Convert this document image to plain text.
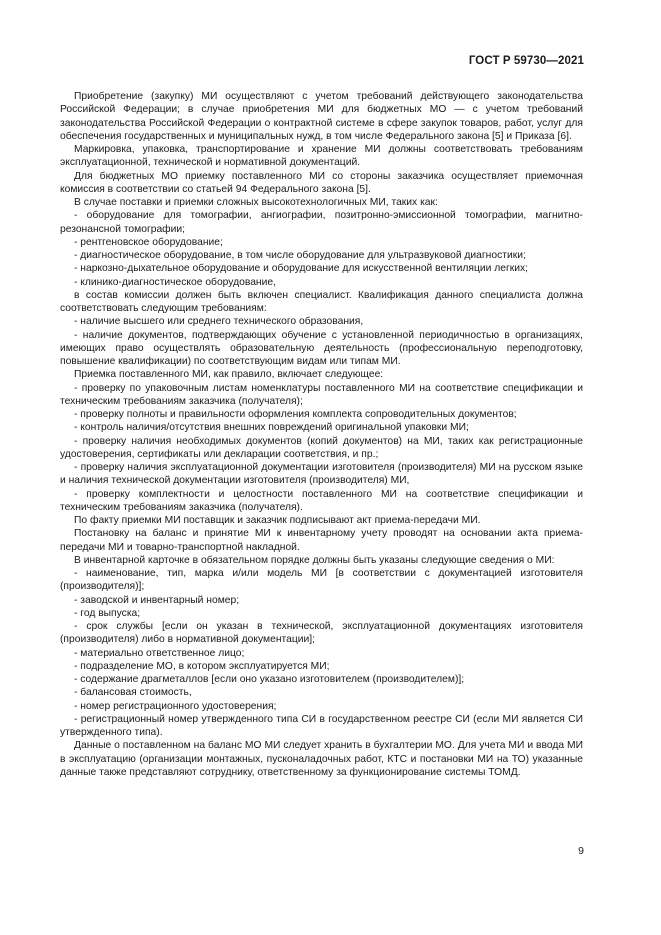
ГОСТ Р 59730—2021

Приобретение (закупку) МИ осуществляют с учетом требований действующего законодательства Российской Федерации; в случае приобретения МИ для бюджетных МО — с учетом требований законодательства Российской Федерации о контрактной системе в сфере закупок товаров, работ, услуг для обеспечения государственных и муниципальных нужд, в том числе Федерального закона [5] и Приказа [6].

Маркировка, упаковка, транспортирование и хранение МИ должны соответствовать требованиям эксплуатационной, технической и нормативной документаций.

Для бюджетных МО приемку поставленного МИ со стороны заказчика осуществляет приемочная комиссия в соответствии со статьей 94 Федерального закона [5].

В случае поставки и приемки сложных высокотехнологичных МИ, таких как:

- оборудование для томографии, ангиографии, позитронно-эмиссионной томографии, магнитно-резонансной томографии;

- рентгеновское оборудование;

- диагностическое оборудование, в том числе оборудование для ультразвуковой диагностики;

- наркозно-дыхательное оборудование и оборудование для искусственной вентиляции легких;

- клинико-диагностическое оборудование,

в состав комиссии должен быть включен специалист. Квалификация данного специалиста должна соответствовать следующим требованиям:

- наличие высшего или среднего технического образования,

- наличие документов, подтверждающих обучение с установленной периодичностью в организациях, имеющих право осуществлять образовательную деятельность (профессиональную переподготовку, повышение квалификации) по соответствующим видам или типам МИ.

Приемка поставленного МИ, как правило, включает следующее:

- проверку по упаковочным листам номенклатуры поставленного МИ на соответствие спецификации и техническим требованиям заказчика (получателя);

- проверку полноты и правильности оформления комплекта сопроводительных документов;

- контроль наличия/отсутствия внешних повреждений оригинальной упаковки МИ;

- проверку наличия необходимых документов (копий документов) на МИ, таких как регистрационные удостоверения, сертификаты или декларации соответствия, и пр.;

- проверку наличия эксплуатационной документации изготовителя (производителя) МИ на русском языке и наличия технической документации изготовителя (производителя) МИ,

- проверку комплектности и целостности поставленного МИ на соответствие спецификации и техническим требованиям заказчика (получателя).

По факту приемки МИ поставщик и заказчик подписывают акт приема-передачи МИ.

Постановку на баланс и принятие МИ к инвентарному учету проводят на основании акта приема-передачи МИ и товарно-транспортной накладной.

В инвентарной карточке в обязательном порядке должны быть указаны следующие сведения о МИ:

- наименование, тип, марка и/или модель МИ [в соответствии с документацией изготовителя (производителя)];

- заводской и инвентарный номер;

- год выпуска;

- срок службы [если он указан в технической, эксплуатационной документациях изготовителя (производителя) либо в нормативной документации];

- материально ответственное лицо;

- подразделение МО, в котором эксплуатируется МИ;

- содержание драгметаллов [если оно указано изготовителем (производителем)];

- балансовая стоимость,

- номер регистрационного удостоверения;

- регистрационный номер утвержденного типа СИ в государственном реестре СИ (если МИ является СИ утвержденного типа).

Данные о поставленном на баланс МО МИ следует хранить в бухгалтерии МО. Для учета МИ и ввода МИ в эксплуатацию (организации монтажных, пусконаладочных работ, КТС и постановки МИ на ТО) указанные данные также представляют сотруднику, ответственному за функционирование системы ТОМД.

9
